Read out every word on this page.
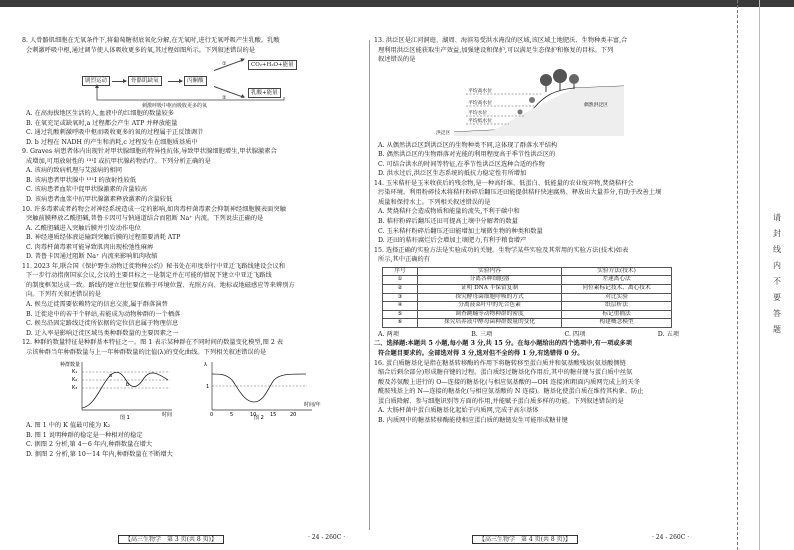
8. 人骨骼肌细胞在无氧条件下,将葡萄糖彻底氧化分解,在无氧时,进行无氧呼吸产生乳酸。乳酸

会刺激呼吸中枢,通过调节使人体吸收更多的氧,其过程如图所示。下列叙述错误的是

剧烈运动	骨骼肌缺氧	丙酮酸
CO₂+H₂O+能量
乳酸+能量
①
②
刺激呼吸中枢而吸收更多的氧

A. 在高海拔地区生活的人,血液中的红细胞的数量较多

B. 在氧充足或缺氧时,a 过程都会产生 ATP 并释放能量

C. 通过乳酸刺激呼吸中枢而吸收更多的氧的过程属于正反馈调节

D. b 过程在 NADH 的产生和消耗,c 过程发生在细胞质基质中

9. Graves 病患者体内出现针对甲状腺细胞的特异性抗体,导致甲状腺细胞增生,甲状腺激素合

成增加,可用放射性的 ¹³¹I 或抗甲状腺药物治疗。下列分析正确的是

A. 该病的致病机理与艾滋病的相同

B. 该病患者甲状腺中 ¹³¹I 的放射性较低

C. 该病患者血浆中促甲状腺激素的含量较高

D. 该病患者血浆中抗甲状腺激素释放激素的含量较低

10. 许多毒素或者药物会对神经系统造成一定的影响,如肉毒杆菌毒素会抑制神经细胞膜表面突触

突触前膜释放乙酰胆碱,普鲁卡因可与钠通道结合而阻断 Na⁺ 内流。下列说法正确的是

A. 乙酰胆碱进入突触后膜并引发动作电位

B. 神经递质经体液运输到突触后膜的过程需要消耗 ATP

C. 肉毒杆菌毒素可能导致肌肉出现松弛性麻痹

D. 普鲁卡因通过阻断 Na⁺ 内流来影响肌肉收缩

11. 2023 年,联合国《保护野生动物迁徙物种公约》秘书处在印度举行中亚迁飞路线建设会议和

下一步行动指南国家会议,会议的主要目标之一是制定并在可能的情况下建立中亚迁飞路线

的制度框架达成一致。路线的建立往往要依赖于环境位置、光照方向、地标或地磁感应等来辨别方

向。下列有关叙述错误的是

A. 候鸟迁徙需要依赖特定的信息交流,属于群落演替

B. 迁徙途中的若干个驿站,若能成为动物种群的一个栖落

C. 候鸟沿固定路线迁徙所依据的定位信息属于物理信息

D. 迁入率是影响迁徙区域鸟类种群数量的主要因素之一

12. 种群的数量特征是种群基本特征之一。图 1 表示某种群在不同时间的数量变化模型,图 2 表

示该种群当年种群数量与上一年种群数量的比值(λ)的变化曲线。下列相关叙述错误的是

K₁
K₂
K₃
a
b
种群数量
时间
图 1
1
λ
0	5	10	15	20
时间/年
图 2

A. 图 1 中的 K 值最可能为 K₂

B. 图 1 说明种群的稳定是一种相对的稳定

C. 据图 2 分析,第 4～6 年内,种群数量在增大

D. 据图 2 分析,第 10～14 年内,种群数量在不断增大

13. 洪泛区是江河洞庭、湖周、海滨易受洪水淹没的区域,该区域土地肥沃、生物种类丰富,合

理利用洪泛区能获取生产效益,加强建设和保护,可以满足生态保护和修复的目标。下列

叙述错误的是

平均高水位
平均高水位
平均水位
平均低水位
偶然洪泛区
洪泛区

A. 从偶然洪泛区到洪泛区的生物种类不同,这体现了群落水平结构

B. 偶然洪泛区的生物群落对光能的利用程度高于季节性洪泛区的

C. 可结合洪水的时间等特征,在季节性洪泛区选种合适的作物

D. 洪水过后,洪泛区生态系统的抵抗力稳定性有所增加

14. 玉米秸秆是玉米收获后的残余物,是一种高纤维、低蛋白、低能量的农业废弃物,焚烧秸秆会

污染环境。利用粉碎技术将秸秆粉碎后翻压还田能提供秸秆快速腐熟、释放出大量养分,有助于改善土壤

质量和保持水土。下列相关叙述错误的是

A. 焚烧秸秆会造成物质和能量的流失,不利于碳中和

B. 秸秆粉碎后翻压还田可提高土壤中分解者的数量

C. 玉米秸秆粉碎后翻压还田能增加土壤微生物的种类和数量

D. 还田的秸秆腐烂后会增加土壤肥力,有利于粮食增产

15. 选择正确的实验方法是实验成功的关键。生物学某些实验及其常用的实验方法(技术)如表

所示,其中正确的有

序号	实验内容	实验方法(技术)
①	分离各种细胞器	差速离心法
②	证明 DNA 半保留复制	同位素标记技术、离心技术
③	探究酵母菌细胞呼吸的方式	对比实验
④	分离菠菜叶中的光合色素	纸层析法
⑤	调查跳蝻等动物种群的密度	标记重捕法
⑥	探究培养液中酵母菌种群数量的变化	构建概念模型
A. 两项	B. 三项	C. 四项	D. 五项

二、选择题:本题共 5 小题,每小题 3 分,共 15 分。在每小题给出的四个选项中,有一项或多项

符合题目要求的。全部选对得 3 分,选对但不全的得 1 分,有选错得 0 分。

16. 蛋白质糖基化是指在糖基转移酶的作用下将糖转移至蛋白质并和氨基酸残基(氨基酸侧链

缩合后剩余部分)形成糖苷键的过程。蛋白质经过糖基化作用后,其中的糖苷键与蛋白质中丝氨

酸及苏氨酸上进行的 O—连接的糖基化(与相应氨基酸的—OH 连接)和粗面内质网完成上的天冬

酰胺残基上的 N—连接的糖基化(与相应氨基酸的 N 连接)。糖基化使蛋白质在维持其构象、防止

蛋白质降解、参与细胞识别等方面的作用,并能赋予蛋白质多样的功能。下列叙述错误的是

A. 大肠杆菌中蛋白质糖基化起始于内质网,完成于高尔基体

B. 内质网中的糖基转移酶能使相应蛋白质的糖链发生可能形成糖苷键

请 封 线 内 不 要 答 题
【高三生物学　第 3 页(共 8 页)】	· 24 - 260C ·	【高三生物学　第 4 页(共 8 页)】	· 24 - 260C ·
